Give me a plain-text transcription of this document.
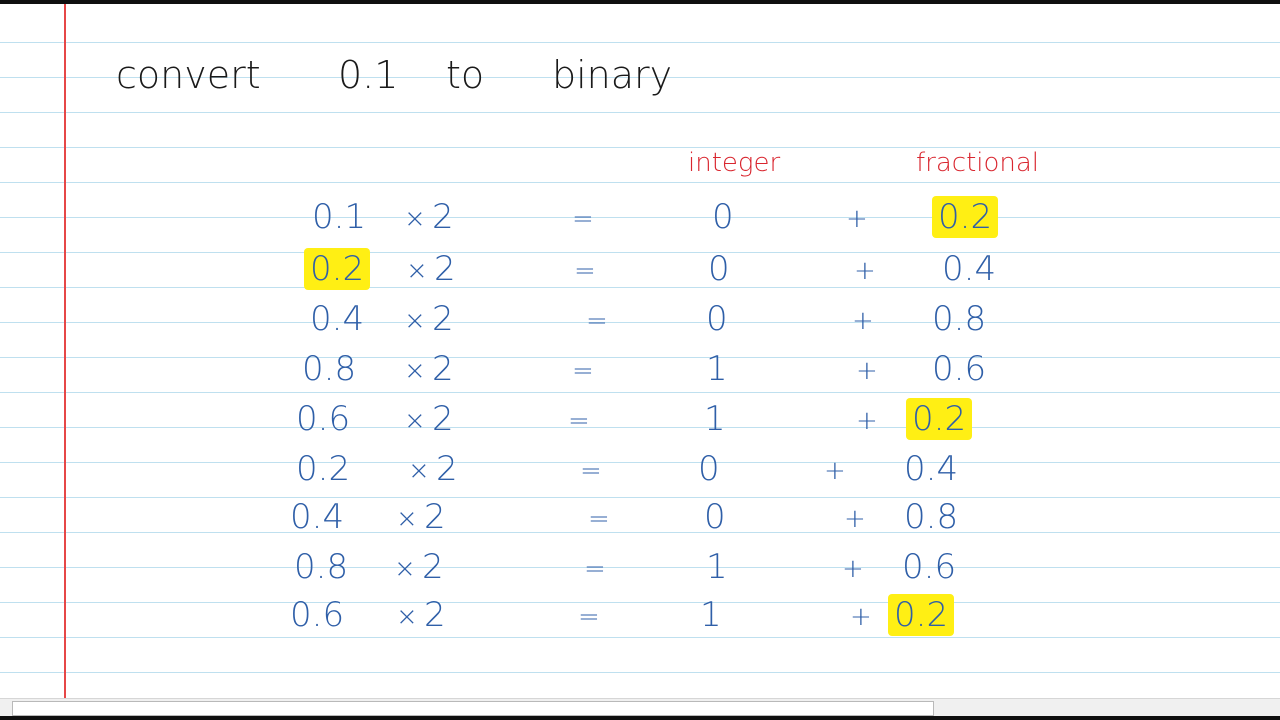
convert 0.1 to binary
integer	fractional
0.1 × 2	=	0	+ 0.2
0.2 × 2	=	0	+ 0.4
0.4 × 2	=	0	+ 0.8
0.8 × 2	=	1	+ 0.6
0.6 × 2	=	1	+ 0.2
0.2 × 2	=	0	+ 0.4
0.4 × 2	=	0	+ 0.8
0.8 × 2	=	1	+ 0.6
0.6 × 2	=	1	+ 0.2
